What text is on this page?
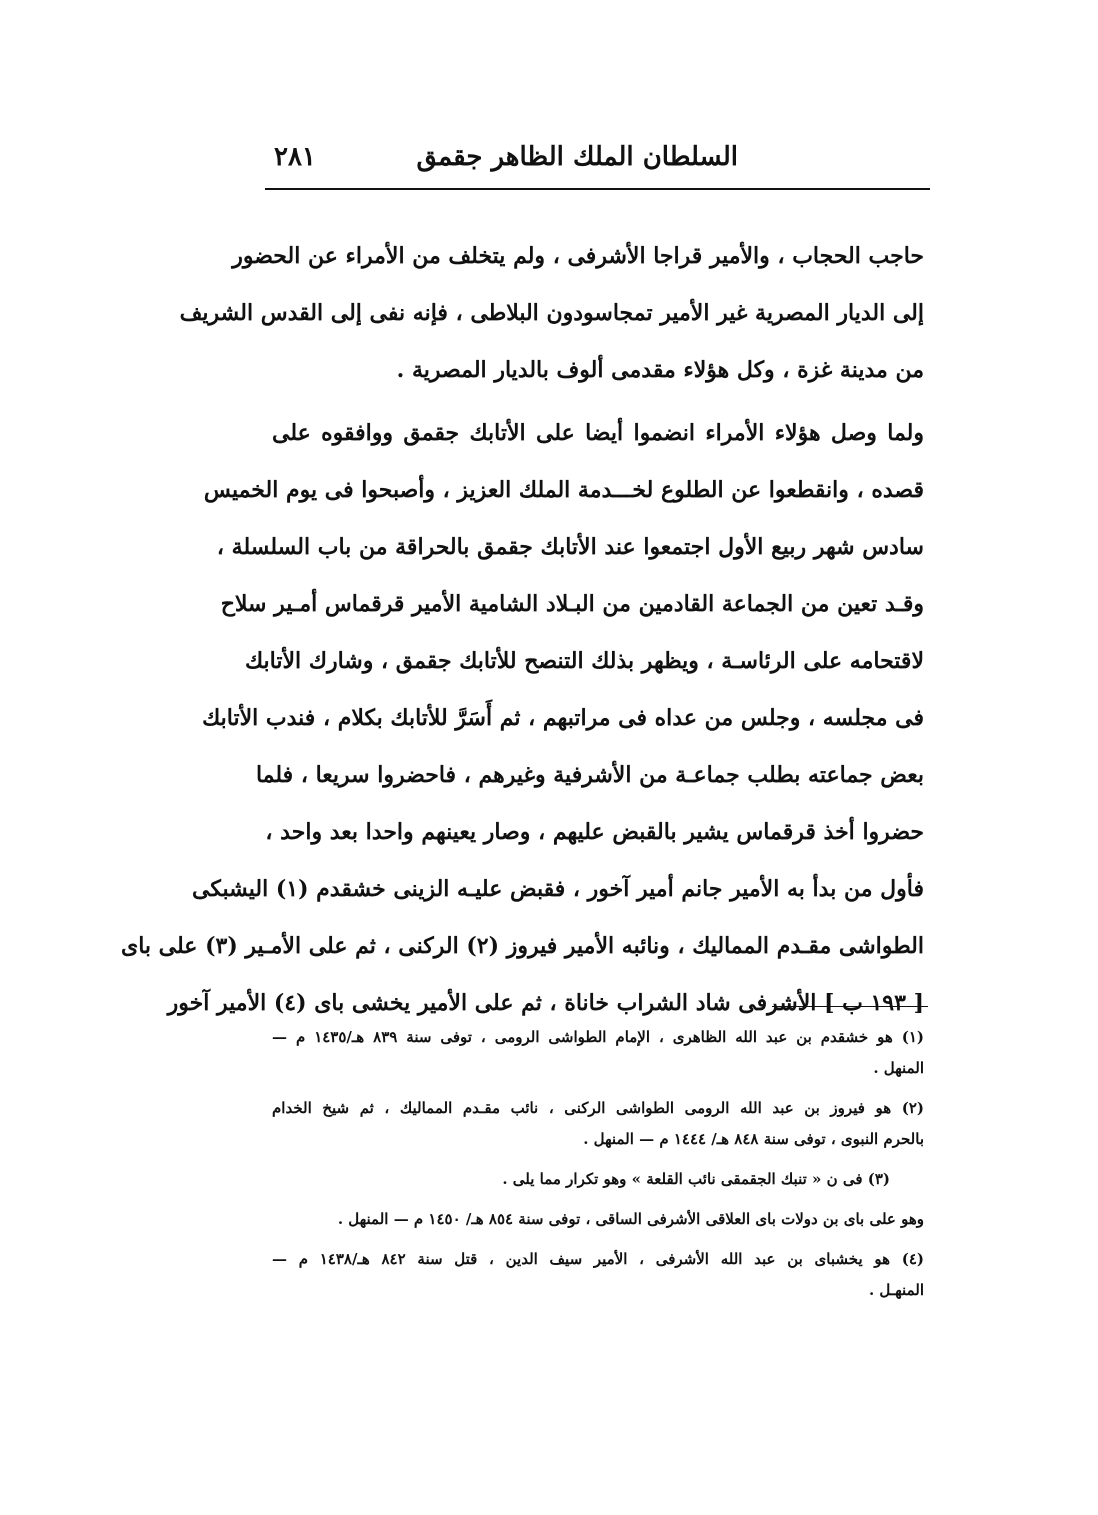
السلطان الملك الظاهر جقمق
٢٨١
حاجب الحجاب ، والأمير قراجا الأشرفى ، ولم يتخلف من الأمراء عن الحضور
إلى الديار المصرية غير الأمير تمجاسودون البلاطى ، فإنه نفى إلى القدس الشريف
من مدينة غزة ، وكل هؤلاء مقدمى ألوف بالديار المصرية .
ولما وصل هؤلاء الأمراء انضموا أيضا على الأتابك جقمق ووافقوه على
قصده ، وانقطعوا عن الطلوع لخـــدمة الملك العزيز ، وأصبحوا فى يوم الخميس
سادس شهر ربيع الأول اجتمعوا عند الأتابك جقمق بالحراقة من باب السلسلة ،
وقـد تعين من الجماعة القادمين من البـلاد الشامية الأمير قرقماس أمـير سلاح
لاقتحامه على الرئاسـة ، ويظهر بذلك التنصح للأتابك جقمق ، وشارك الأتابك
فى مجلسه ، وجلس من عداه فى مراتبهم ، ثم أَسَرَّ للأتابك بكلام ، فندب الأتابك
بعض جماعته بطلب جماعـة من الأشرفية وغيرهم ، فاحضروا سريعا ، فلما
حضروا أخذ قرقماس يشير بالقبض عليهم ، وصار يعينهم واحدا بعد واحد ،
فأول من بدأ به الأمير جانم أمير آخور ، فقبض عليـه الزينى خشقدم (١) اليشبكى
الطواشى مقـدم المماليك ، ونائبه الأمير فيروز (٢) الركنى ، ثم على الأمـير (٣) على باى
[ ١٩٣ ب ] الأشرفى شاد الشراب خاناة ، ثم على الأمير يخشى باى (٤) الأمير آخور
(١) هو خشقدم بن عبد الله الظاهرى ، الإمام الطواشى الرومى ، توفى سنة ٨٣٩ هـ/١٤٣٥ م —
المنهل .
(٢) هو فيروز بن عبد الله الرومى الطواشى الركنى ، نائب مقـدم المماليك ، ثم شيخ الخدام
بالحرم النبوى ، توفى سنة ٨٤٨ هـ/ ١٤٤٤ م — المنهل .
(٣) فى ن « تنبك الجقمقى نائب القلعة » وهو تكرار مما يلى .
وهو على باى بن دولات باى العلاقى الأشرفى الساقى ، توفى سنة ٨٥٤ هـ/ ١٤٥٠ م — المنهل .
(٤) هو يخشباى بن عبد الله الأشرفى ، الأمير سيف الدين ، قتل سنة ٨٤٢ هـ/١٤٣٨ م —
المنهـل .
